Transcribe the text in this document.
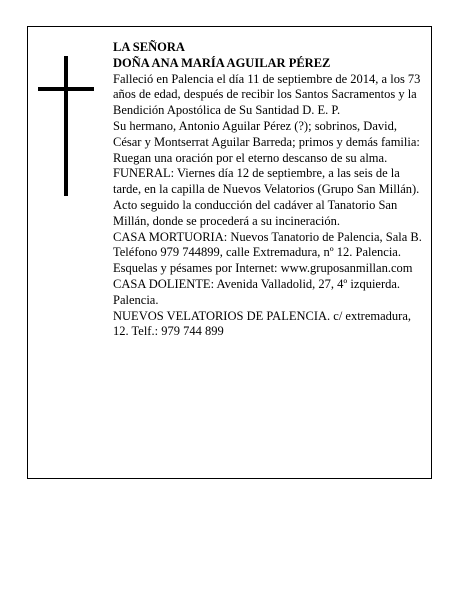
LA SEÑORA

DOÑA ANA MARÍA AGUILAR PÉREZ

Falleció en Palencia el día 11 de septiembre de 2014, a los 73 años de edad, después de recibir los Santos Sacramentos y la Bendición Apostólica de Su Santidad D. E. P.

Su hermano, Antonio Aguilar Pérez (?); sobrinos, David, César y Montserrat Aguilar Barreda; primos y demás familia:

Ruegan una oración por el eterno descanso de su alma.

FUNERAL: Viernes día 12 de septiembre, a las seis de la tarde, en la capilla de Nuevos Velatorios (Grupo San Millán). Acto seguido la conducción del cadáver al Tanatorio San Millán, donde se procederá a su incineración.

CASA MORTUORIA: Nuevos Tanatorio de Palencia, Sala B. Teléfono 979 744899, calle Extremadura, nº 12. Palencia. Esquelas y pésames por Internet: www.gruposanmillan.com

CASA DOLIENTE: Avenida Valladolid, 27, 4º izquierda. Palencia.

NUEVOS VELATORIOS DE PALENCIA. c/ extremadura, 12. Telf.: 979 744 899
